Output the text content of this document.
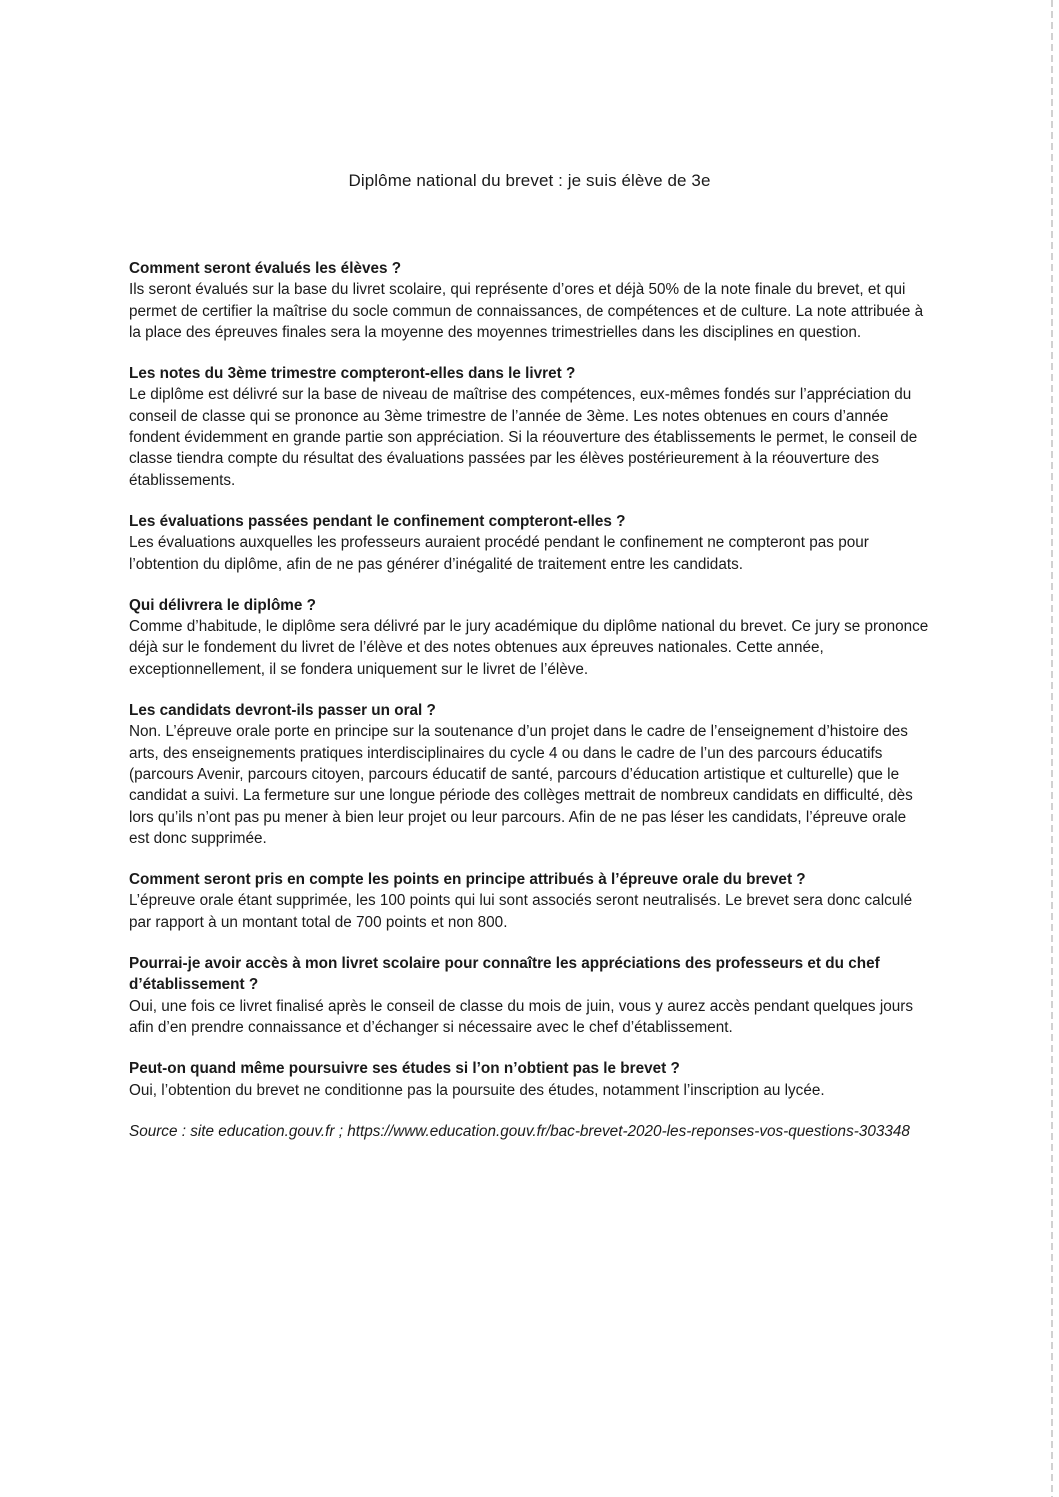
Diplôme national du brevet : je suis élève de 3e

Comment seront évalués les élèves ?

Ils seront évalués sur la base du livret scolaire, qui représente d’ores et déjà 50% de la note finale du brevet, et qui permet de certifier la maîtrise du socle commun de connaissances, de compétences et de culture. La note attribuée à la place des épreuves finales sera la moyenne des moyennes trimestrielles dans les disciplines en question.

Les notes du 3ème trimestre compteront-elles dans le livret ?

Le diplôme est délivré sur la base de niveau de maîtrise des compétences, eux-mêmes fondés sur l’appréciation du conseil de classe qui se prononce au 3ème trimestre de l’année de 3ème. Les notes obtenues en cours d’année fondent évidemment en grande partie son appréciation. Si la réouverture des établissements le permet, le conseil de classe tiendra compte du résultat des évaluations passées par les élèves postérieurement à la réouverture des établissements.

Les évaluations passées pendant le confinement compteront-elles ?

Les évaluations auxquelles les professeurs auraient procédé pendant le confinement ne compteront pas pour l’obtention du diplôme, afin de ne pas générer d’inégalité de traitement entre les candidats.

Qui délivrera le diplôme ?

Comme d’habitude, le diplôme sera délivré par le jury académique du diplôme national du brevet. Ce jury se prononce déjà sur le fondement du livret de l’élève et des notes obtenues aux épreuves nationales. Cette année, exceptionnellement, il se fondera uniquement sur le livret de l’élève.

Les candidats devront-ils passer un oral ?

Non. L’épreuve orale porte en principe sur la soutenance d’un projet dans le cadre de l’enseignement d’histoire des arts, des enseignements pratiques interdisciplinaires du cycle 4 ou dans le cadre de l’un des parcours éducatifs (parcours Avenir, parcours citoyen, parcours éducatif de santé, parcours d’éducation artistique et culturelle) que le candidat a suivi. La fermeture sur une longue période des collèges mettrait de nombreux candidats en difficulté, dès lors qu’ils n’ont pas pu mener à bien leur projet ou leur parcours. Afin de ne pas léser les candidats, l’épreuve orale est donc supprimée.

Comment seront pris en compte les points en principe attribués à l’épreuve orale du brevet ?

L’épreuve orale étant supprimée, les 100 points qui lui sont associés seront neutralisés. Le brevet sera donc calculé par rapport à un montant total de 700 points et non 800.

Pourrai-je avoir accès à mon livret scolaire pour connaître les appréciations des professeurs et du chef d’établissement ?

Oui, une fois ce livret finalisé après le conseil de classe du mois de juin, vous y aurez accès pendant quelques jours afin d’en prendre connaissance et d’échanger si nécessaire avec le chef d’établissement.

Peut-on quand même poursuivre ses études si l’on n’obtient pas le brevet ?

Oui, l’obtention du brevet ne conditionne pas la poursuite des études, notamment l’inscription au lycée.

Source : site education.gouv.fr ; https://www.education.gouv.fr/bac-brevet-2020-les-reponses-vos-questions-303348
